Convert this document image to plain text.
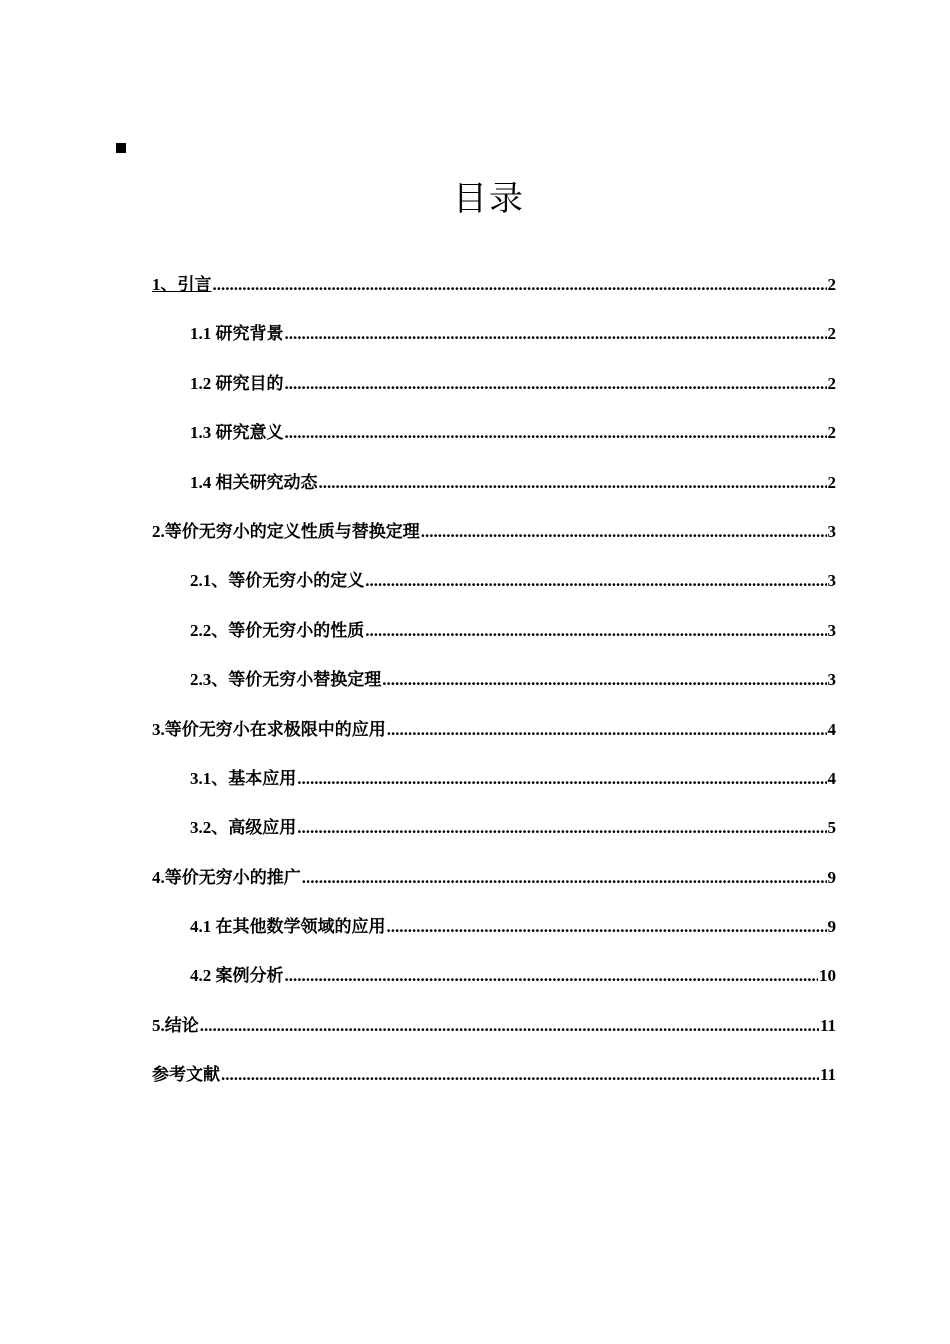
目录
1、引言 .....	2
1.1 研究背景 .....	2
1.2 研究目的 .....	2
1.3 研究意义 .....	2
1.4 相关研究动态 .....	2
2.等价无穷小的定义性质与替换定理 .....	3
2.1、等价无穷小的定义 .....	3
2.2、等价无穷小的性质 .....	3
2.3、等价无穷小替换定理 .....	3
3.等价无穷小在求极限中的应用 .....	4
3.1、基本应用 .....	4
3.2、高级应用 .....	5
4.等价无穷小的推广 .....	9
4.1 在其他数学领域的应用 .....	9
4.2 案例分析 .....	10
5.结论 .....	11
参考文献 .....	11
